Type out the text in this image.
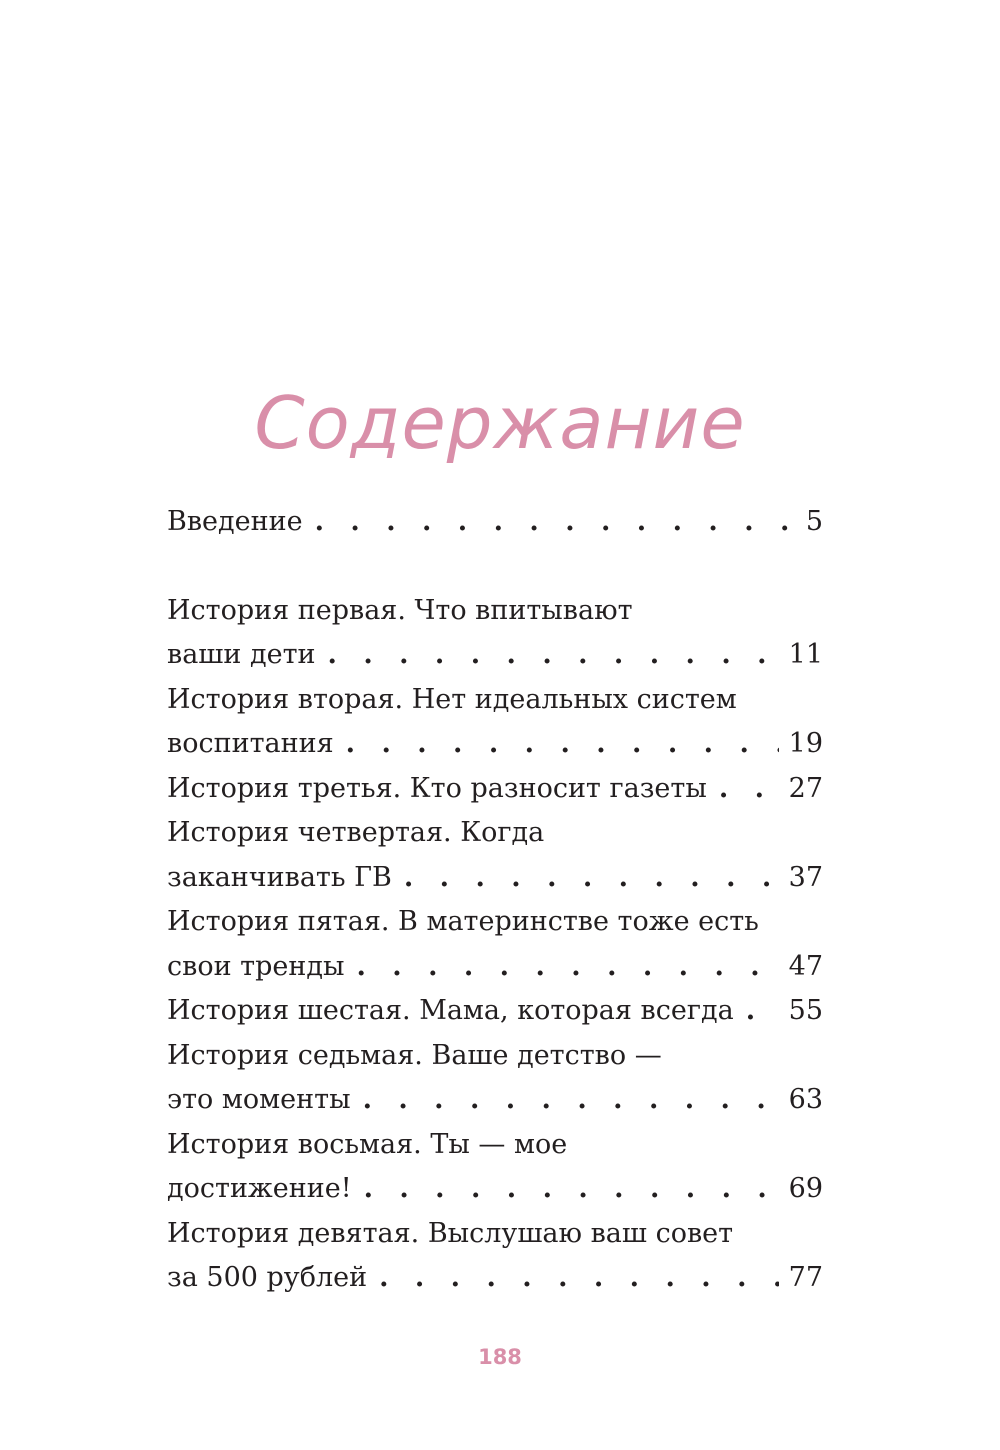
Содержание
Введение . . .	5
История первая. Что впитывают
ваши дети . . .	11
История вторая. Нет идеальных систем
воспитания . . .	19
История третья. Кто разносит газеты . . .	27
История четвертая. Когда
заканчивать ГВ . . .	37
История пятая. В материнстве тоже есть
свои тренды . . .	47
История шестая. Мама, которая всегда . . . 55
История седьмая. Ваше детство —
это моменты . . .	63
История восьмая. Ты — мое
достижение! . . .	69
История девятая. Выслушаю ваш совет
за 500 рублей . . .	77
188
